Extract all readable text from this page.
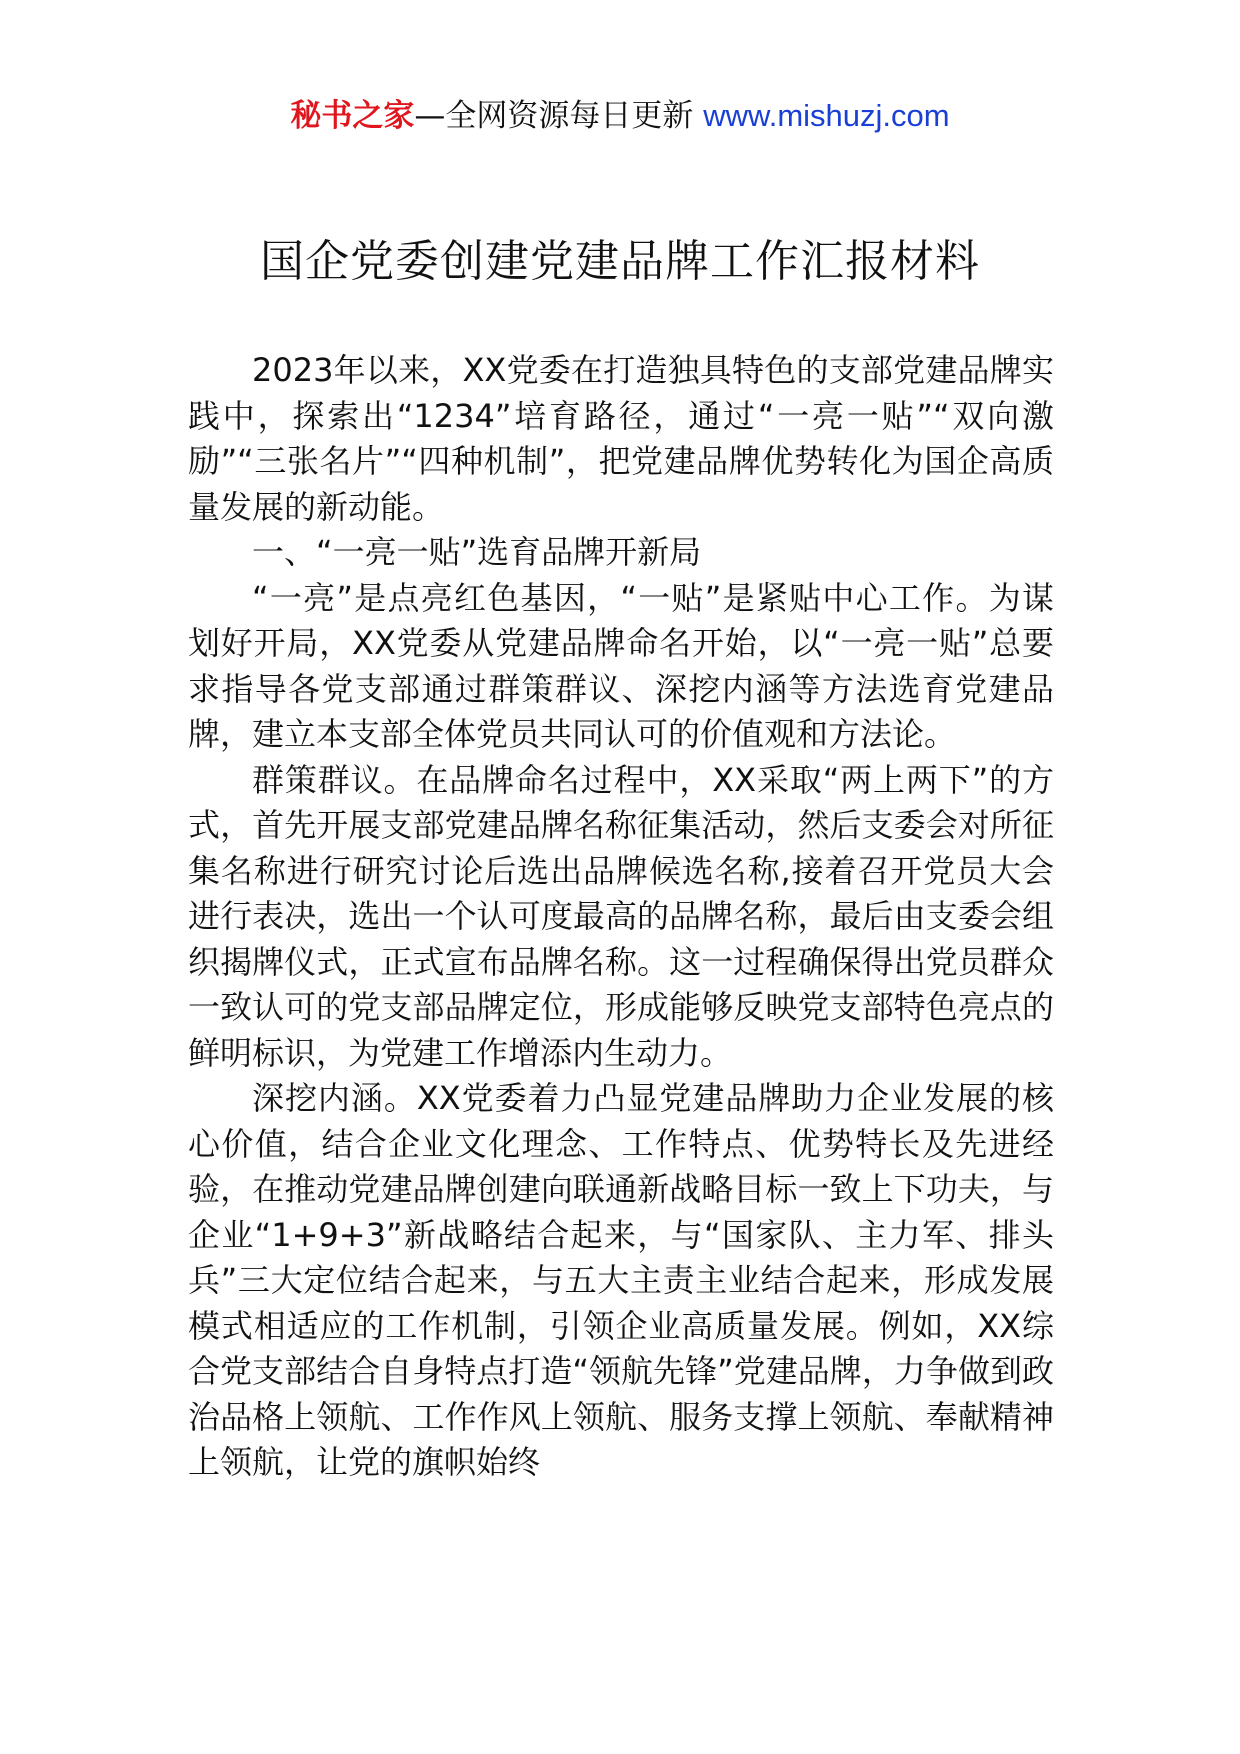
秘书之家—全网资源每日更新 www.mishuzj.com
国企党委创建党建品牌工作汇报材料

2023年以来，XX党委在打造独具特色的支部党建品牌实践中，探索出“1234”培育路径，通过“一亮一贴”“双向激励”“三张名片”“四种机制”，把党建品牌优势转化为国企高质量发展的新动能。

一、“一亮一贴”选育品牌开新局

“一亮”是点亮红色基因，“一贴”是紧贴中心工作。为谋划好开局，XX党委从党建品牌命名开始，以“一亮一贴”总要求指导各党支部通过群策群议、深挖内涵等方法选育党建品牌，建立本支部全体党员共同认可的价值观和方法论。

群策群议。在品牌命名过程中，XX采取“两上两下”的方式，首先开展支部党建品牌名称征集活动，然后支委会对所征集名称进行研究讨论后选出品牌候选名称,接着召开党员大会进行表决，选出一个认可度最高的品牌名称，最后由支委会组织揭牌仪式，正式宣布品牌名称。这一过程确保得出党员群众一致认可的党支部品牌定位，形成能够反映党支部特色亮点的鲜明标识，为党建工作增添内生动力。

深挖内涵。XX党委着力凸显党建品牌助力企业发展的核心价值，结合企业文化理念、工作特点、优势特长及先进经验，在推动党建品牌创建向联通新战略目标一致上下功夫，与企业“1+9+3”新战略结合起来，与“国家队、主力军、排头兵”三大定位结合起来，与五大主责主业结合起来，形成发展模式相适应的工作机制，引领企业高质量发展。例如，XX综合党支部结合自身特点打造“领航先锋”党建品牌，力争做到政治品格上领航、工作作风上领航、服务支撑上领航、奉献精神上领航，让党的旗帜始终
